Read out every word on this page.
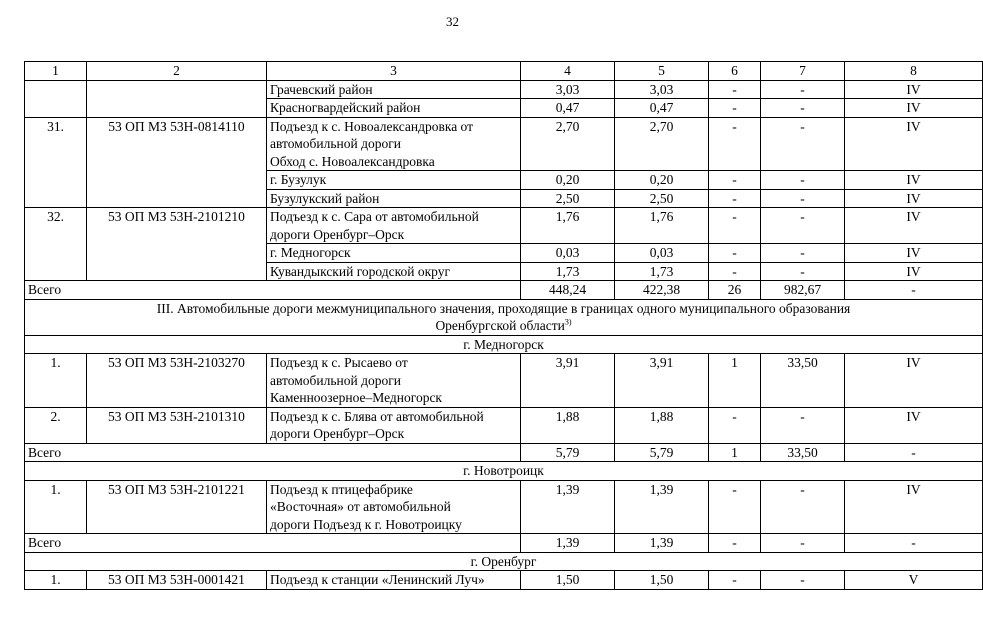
32
1	2	3	4	5	6	7	8
		Грачевский район	3,03	3,03	-	-	IV
		Красногвардейский район	0,47	0,47	-	-	IV
31.	53 ОП МЗ 53Н-0814110	Подъезд к с. Новоалександровка от
автомобильной дороги
Обход с. Новоалександровка	2,70	2,70	-	-	IV
		г. Бузулук	0,20	0,20	-	-	IV
		Бузулукский район	2,50	2,50	-	-	IV
32.	53 ОП МЗ 53Н-2101210	Подъезд к с. Сара от автомобильной
дороги Оренбург–Орск	1,76	1,76	-	-	IV
		г. Медногорск	0,03	0,03	-	-	IV
		Кувандыкский городской округ	1,73	1,73	-	-	IV
Всего			448,24	422,38	26	982,67	-

III. Автомобильные дороги межмуниципального значения, проходящие в границах одного муниципального образования
Оренбургской области$^{3)}$

г. Медногорск							
1.	53 ОП МЗ 53Н-2103270	Подъезд к с. Рысаево от
автомобильной дороги
Каменноозерное–Медногорск	3,91	3,91	1	33,50	IV
2.	53 ОП МЗ 53Н-2101310	Подъезд к с. Блява от автомобильной
дороги Оренбург–Орск	1,88	1,88	-	-	IV
Всего			5,79	5,79	1	33,50	-
г. Новотроицк							
1.	53 ОП МЗ 53Н-2101221	Подъезд к птицефабрике
«Восточная» от автомобильной
дороги Подъезд к г. Новотроицку	1,39	1,39	-	-	IV
Всего			1,39	1,39	-	-	-
г. Оренбург							
1.	53 ОП МЗ 53Н-0001421	Подъезд к станции «Ленинский Луч»	1,50	1,50	-	-	V
